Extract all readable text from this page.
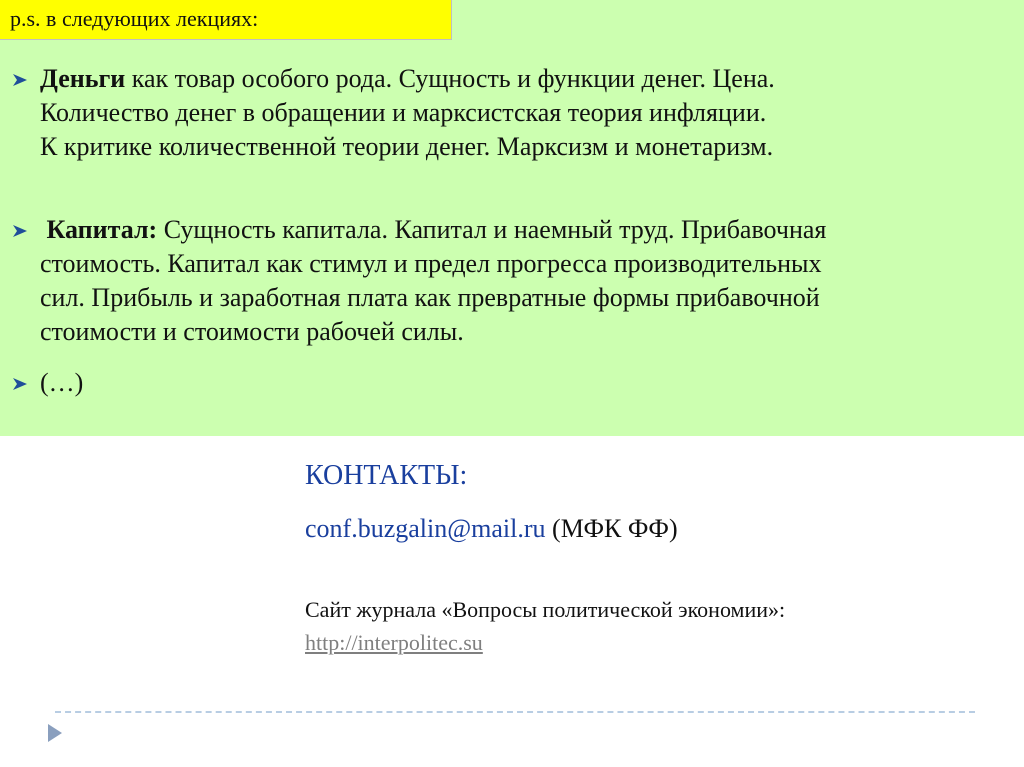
p.s. в следующих лекциях:
Деньги как товар особого рода. Сущность и функции денег. Цена.
Количество денег в обращении и марксистская теория инфляции.
К критике количественной теории денег. Марксизм и монетаризм.
Капитал: Сущность капитала. Капитал и наемный труд. Прибавочная
стоимость. Капитал как стимул и предел прогресса производительных
сил. Прибыль и заработная плата как превратные формы прибавочной
стоимости и стоимости рабочей силы.
(…)
КОНТАКТЫ:
conf.buzgalin@mail.ru (МФК ФФ)
Сайт журнала «Вопросы политической экономии»:
http://interpolitec.su
